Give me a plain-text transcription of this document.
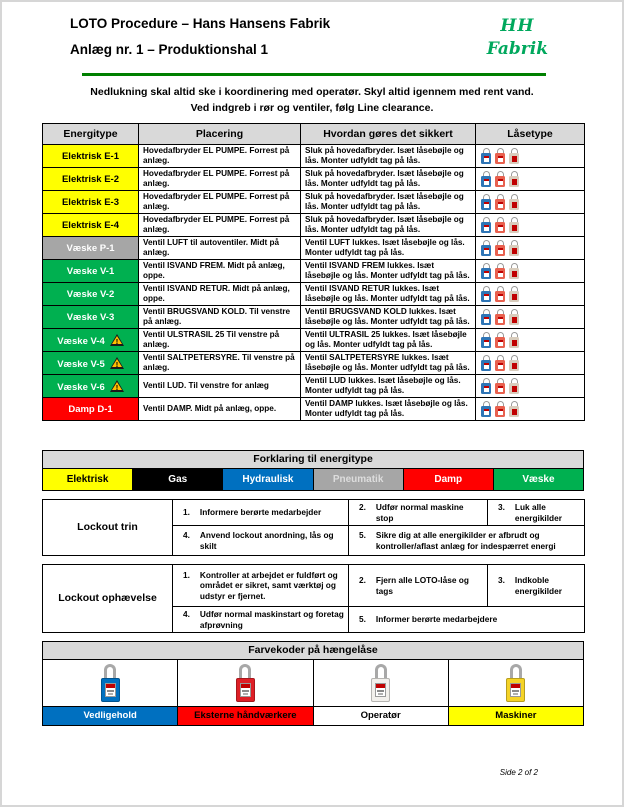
LOTO Procedure – Hans Hansens Fabrik
Anlæg nr. 1 – Produktionshal 1
HH
Fabrik
Nedlukning skal altid ske i koordinering med operatør. Skyl altid igennem med rent vand.
Ved indgreb i rør og ventiler, følg Line clearance.
Energitype	Placering	Hvordan gøres det sikkert	Låsetype
Elektrisk E-1	Hovedafbryder EL PUMPE. Forrest på anlæg.	Sluk på hovedafbryder. Isæt låsebøjle og lås. Monter udfyldt tag på lås.	

Elektrisk E-2	Hovedafbryder EL PUMPE. Forrest på anlæg.	Sluk på hovedafbryder. Isæt låsebøjle og lås. Monter udfyldt tag på lås.	

Elektrisk E-3	Hovedafbryder EL PUMPE. Forrest på anlæg.	Sluk på hovedafbryder. Isæt låsebøjle og lås. Monter udfyldt tag på lås.	

Elektrisk E-4	Hovedafbryder EL PUMPE. Forrest på anlæg.	Sluk på hovedafbryder. Isæt låsebøjle og lås. Monter udfyldt tag på lås.	

Væske P-1	Ventil LUFT til autoventiler. Midt på anlæg.	Ventil LUFT lukkes. Isæt låsebøjle og lås. Monter udfyldt tag på lås.	

Væske V-1	Ventil ISVAND FREM. Midt på anlæg, oppe.	Ventil ISVAND FREM lukkes. Isæt låsebøjle og lås. Monter udfyldt tag på lås.	

Væske V-2	Ventil ISVAND RETUR. Midt på anlæg, oppe.	Ventil ISVAND RETUR lukkes. Isæt låsebøjle og lås. Monter udfyldt tag på lås.	

Væske V-3	Ventil BRUGSVAND KOLD. Til venstre på anlæg.	Ventil BRUGSVAND KOLD lukkes. Isæt låsebøjle og lås. Monter udfyldt tag på lås.	

Væske V-4 !	Ventil ULSTRASIL 25 Til venstre på anlæg.	Ventil ULTRASIL 25 lukkes. Isæt låsebøjle og lås. Monter udfyldt tag på lås.	

Væske V-5 !	Ventil SALTPETERSYRE. Til venstre på anlæg.	Ventil SALTPETERSYRE lukkes. Isæt låsebøjle og lås. Monter udfyldt tag på lås.	

Væske V-6 !	Ventil LUD. Til venstre for anlæg	Ventil LUD lukkes. Isæt låsebøjle og lås. Monter udfyldt tag på lås.	

Damp D-1	Ventil DAMP. Midt på anlæg, oppe.	Ventil DAMP lukkes. Isæt låsebøjle og lås. Monter udfyldt tag på lås.	
Forklaring til energitype
Elektrisk	Gas	Hydraulisk	Pneumatik	Damp	Væske
Lockout trin	1. Informere berørte medarbejder	2. Udfør normal maskine stop	3. Luk alle energikilder

	4. Anvend lockout anordning, lås og skilt	5. Sikre dig at alle energikilder er afbrudt og kontroller/aflast anlæg for indespærret energi	
Lockout ophævelse	1. Kontroller at arbejdet er fuldført og området er sikret, samt værktøj og udstyr er fjernet.	2. Fjern alle LOTO-låse og tags	3. Indkoble energikilder

	4. Udfør normal maskinstart og foretag afprøvning	5. Informer berørte medarbejdere	
Farvekoder på hængelåse
Vedligehold	Eksterne håndværkere	Operatør	Maskiner
Side 2 of 2
